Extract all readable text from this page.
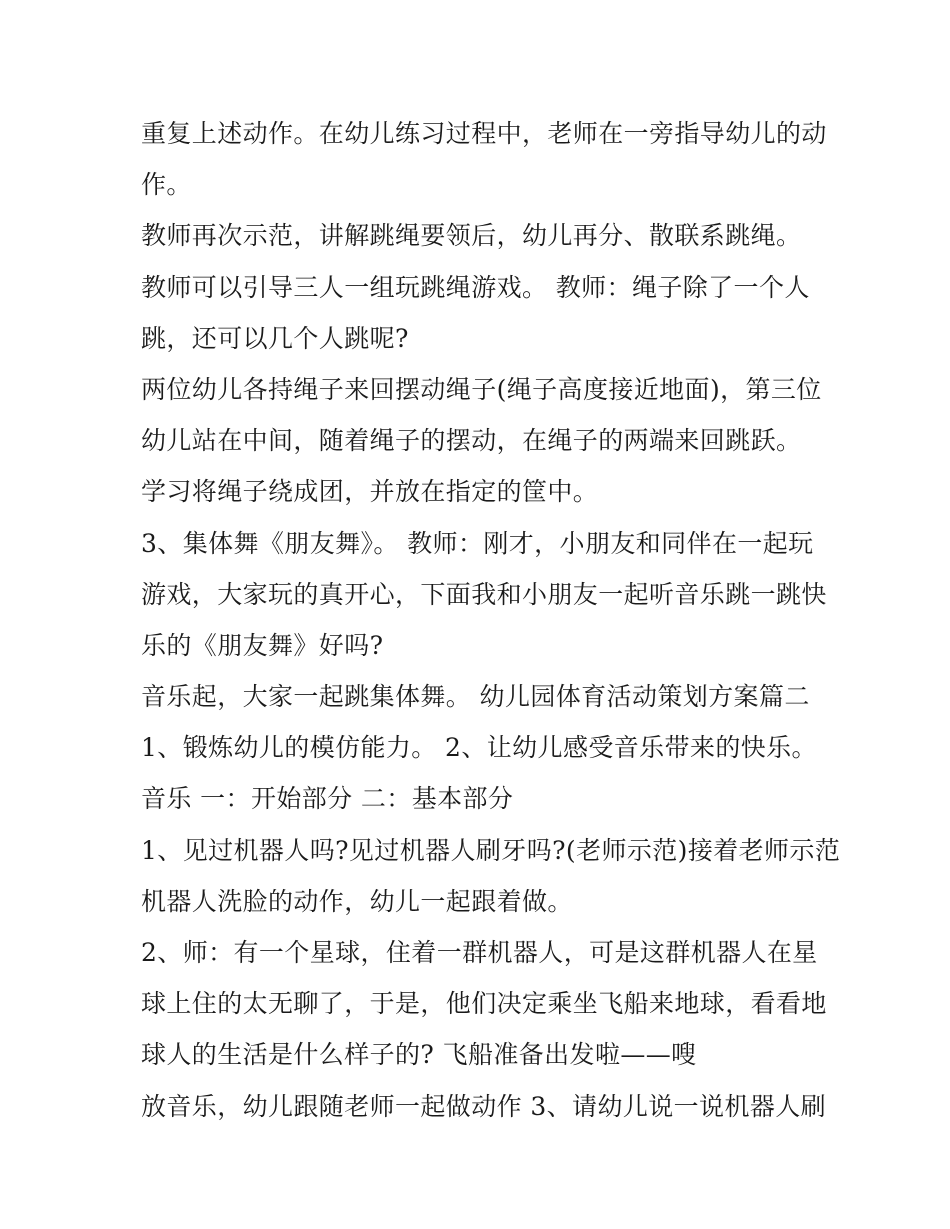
重复上述动作。在幼儿练习过程中，老师在一旁指导幼儿的动
作。
教师再次示范，讲解跳绳要领后，幼儿再分、散联系跳绳。
教师可以引导三人一组玩跳绳游戏。 教师：绳子除了一个人
跳，还可以几个人跳呢?
两位幼儿各持绳子来回摆动绳子(绳子高度接近地面)，第三位
幼儿站在中间，随着绳子的摆动，在绳子的两端来回跳跃。
学习将绳子绕成团，并放在指定的筐中。
3、集体舞《朋友舞》。 教师：刚才，小朋友和同伴在一起玩
游戏，大家玩的真开心，下面我和小朋友一起听音乐跳一跳快
乐的《朋友舞》好吗?
音乐起，大家一起跳集体舞。 幼儿园体育活动策划方案篇二
1、锻炼幼儿的模仿能力。 2、让幼儿感受音乐带来的快乐。
音乐 一：开始部分 二：基本部分
1、见过机器人吗?见过机器人刷牙吗?(老师示范)接着老师示范
机器人洗脸的动作，幼儿一起跟着做。
2、师：有一个星球，住着一群机器人，可是这群机器人在星
球上住的太无聊了，于是，他们决定乘坐飞船来地球，看看地
球人的生活是什么样子的? 飞船准备出发啦——嗖
放音乐，幼儿跟随老师一起做动作 3、请幼儿说一说机器人刷
